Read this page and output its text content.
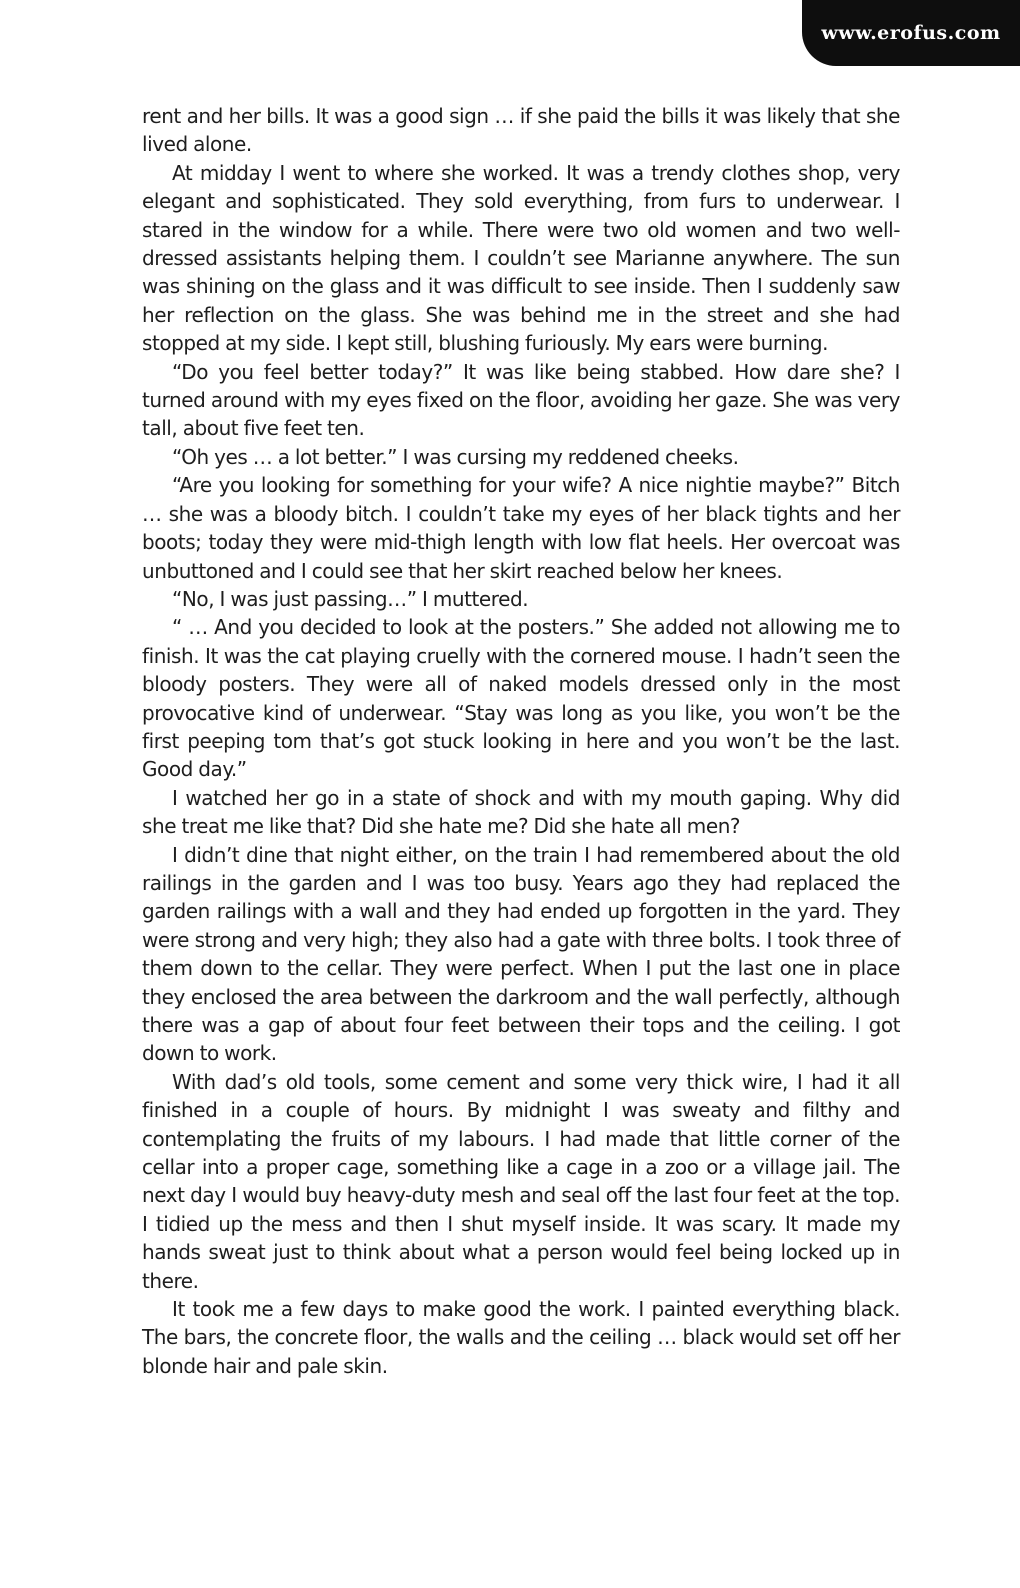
www.erofus.com

rent and her bills. It was a good sign … if she paid the bills it was likely that she lived alone.

At midday I went to where she worked. It was a trendy clothes shop, very elegant and sophisticated. They sold everything, from furs to underwear. I stared in the window for a while. There were two old women and two well-dressed assistants helping them. I couldn’t see Marianne anywhere. The sun was shining on the glass and it was difficult to see inside. Then I suddenly saw her reflection on the glass. She was behind me in the street and she had stopped at my side. I kept still, blushing furiously. My ears were burning.

“Do you feel better today?” It was like being stabbed. How dare she? I turned around with my eyes fixed on the floor, avoiding her gaze. She was very tall, about five feet ten.

“Oh yes … a lot better.” I was cursing my reddened cheeks.

“Are you looking for something for your wife? A nice nightie maybe?” Bitch … she was a bloody bitch. I couldn’t take my eyes of her black tights and her boots; today they were mid-thigh length with low flat heels. Her overcoat was unbuttoned and I could see that her skirt reached below her knees.

“No, I was just passing…” I muttered.

“ … And you decided to look at the posters.” She added not allowing me to finish. It was the cat playing cruelly with the cornered mouse. I hadn’t seen the bloody posters. They were all of naked models dressed only in the most provocative kind of underwear. “Stay was long as you like, you won’t be the first peeping tom that’s got stuck looking in here and you won’t be the last. Good day.”

I watched her go in a state of shock and with my mouth gaping. Why did she treat me like that? Did she hate me? Did she hate all men?

I didn’t dine that night either, on the train I had remembered about the old railings in the garden and I was too busy. Years ago they had replaced the garden railings with a wall and they had ended up forgotten in the yard. They were strong and very high; they also had a gate with three bolts. I took three of them down to the cellar. They were perfect. When I put the last one in place they enclosed the area between the darkroom and the wall perfectly, although there was a gap of about four feet between their tops and the ceiling. I got down to work.

With dad’s old tools, some cement and some very thick wire, I had it all finished in a couple of hours. By midnight I was sweaty and filthy and contemplating the fruits of my labours. I had made that little corner of the cellar into a proper cage, something like a cage in a zoo or a village jail. The next day I would buy heavy-duty mesh and seal off the last four feet at the top. I tidied up the mess and then I shut myself inside. It was scary. It made my hands sweat just to think about what a person would feel being locked up in there.

It took me a few days to make good the work. I painted everything black. The bars, the concrete floor, the walls and the ceiling … black would set off her blonde hair and pale skin.
